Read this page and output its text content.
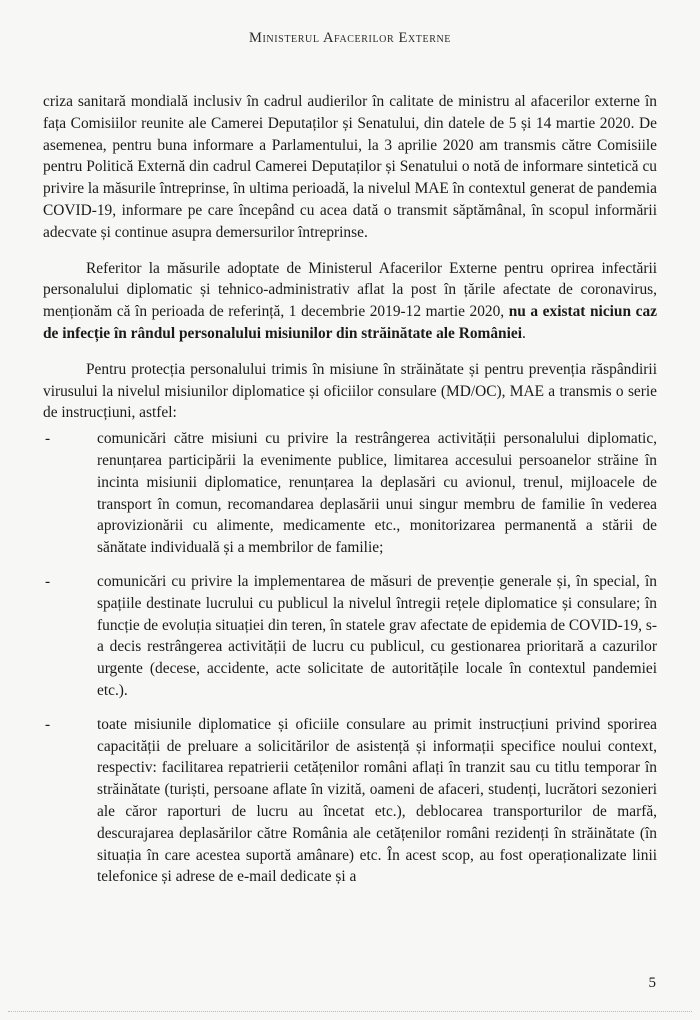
Ministerul Afacerilor Externe

criza sanitară mondială inclusiv în cadrul audierilor în calitate de ministru al afacerilor externe în fața Comisiilor reunite ale Camerei Deputaților și Senatului, din datele de 5 și 14 martie 2020. De asemenea, pentru buna informare a Parlamentului, la 3 aprilie 2020 am transmis către Comisiile pentru Politică Externă din cadrul Camerei Deputaților și Senatului o notă de informare sintetică cu privire la măsurile întreprinse, în ultima perioadă, la nivelul MAE în contextul generat de pandemia COVID-19, informare pe care începând cu acea dată o transmit săptămânal, în scopul informării adecvate și continue asupra demersurilor întreprinse.

Referitor la măsurile adoptate de Ministerul Afacerilor Externe pentru oprirea infectării personalului diplomatic și tehnico-administrativ aflat la post în țările afectate de coronavirus, menționăm că în perioada de referință, 1 decembrie 2019-12 martie 2020, nu a existat niciun caz de infecție în rândul personalului misiunilor din străinătate ale României.

Pentru protecția personalului trimis în misiune în străinătate și pentru prevenția răspândirii virusului la nivelul misiunilor diplomatice și oficiilor consulare (MD/OC), MAE a transmis o serie de instrucțiuni, astfel:

-	comunicări către misiuni cu privire la restrângerea activității personalului diplomatic, renunțarea participării la evenimente publice, limitarea accesului persoanelor străine în incinta misiunii diplomatice, renunțarea la deplasări cu avionul, trenul, mijloacele de transport în comun, recomandarea deplasării unui singur membru de familie în vederea aprovizionării cu alimente, medicamente etc., monitorizarea permanentă a stării de sănătate individuală și a membrilor de familie;
-	comunicări cu privire la implementarea de măsuri de prevenție generale și, în special, în spațiile destinate lucrului cu publicul la nivelul întregii rețele diplomatice și consulare; în funcție de evoluția situației din teren, în statele grav afectate de epidemia de COVID-19, s-a decis restrângerea activității de lucru cu publicul, cu gestionarea prioritară a cazurilor urgente (decese, accidente, acte solicitate de autoritățile locale în contextul pandemiei etc.).
-	toate misiunile diplomatice și oficiile consulare au primit instrucțiuni privind sporirea capacității de preluare a solicitărilor de asistență și informații specifice noului context, respectiv: facilitarea repatrierii cetățenilor români aflați în tranzit sau cu titlu temporar în străinătate (turiști, persoane aflate în vizită, oameni de afaceri, studenți, lucrători sezonieri ale căror raporturi de lucru au încetat etc.), deblocarea transporturilor de marfă, descurajarea deplasărilor către România ale cetățenilor români rezidenți în străinătate (în situația în care acestea suportă amânare) etc. În acest scop, au fost operaționalizate linii telefonice și adrese de e-mail dedicate și a
5
